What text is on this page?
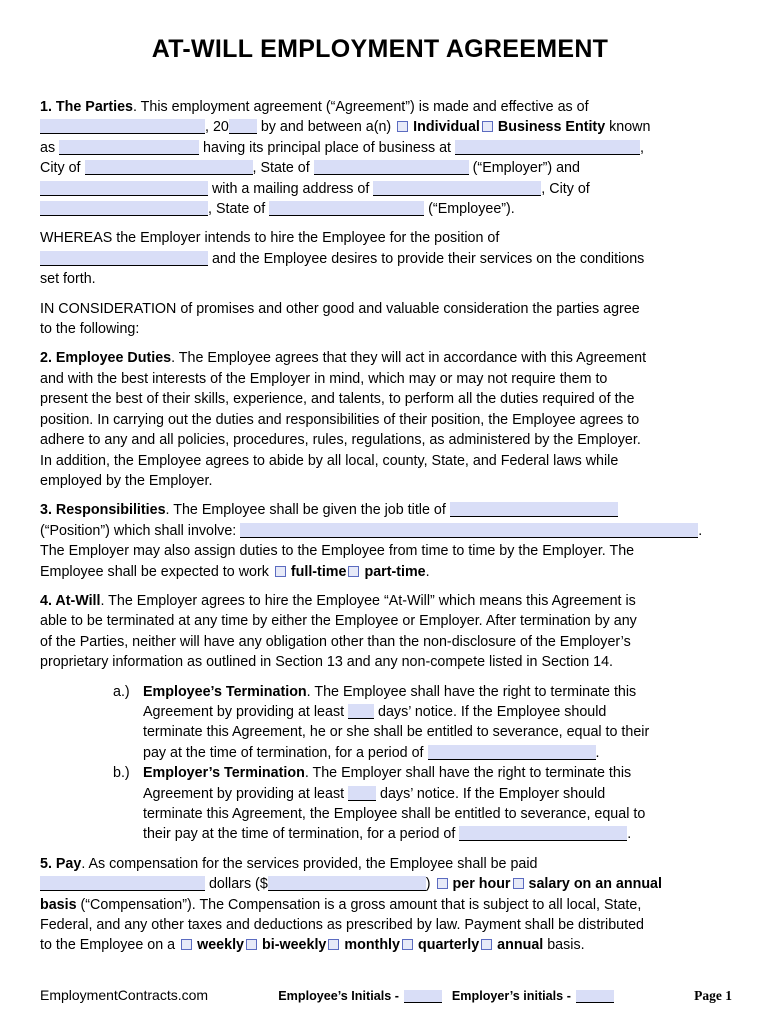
AT-WILL EMPLOYMENT AGREEMENT
1. The Parties. This employment agreement (“Agreement”) is made and effective as of
, 20 by and between a(n) Individual Business Entity known
as	having its principal place of business at	,
City of	, State of	(“Employer”) and
with a mailing address of	, City of
, State of	(“Employee”).
WHEREAS the Employer intends to hire the Employee for the position of
and the Employee desires to provide their services on the conditions
set forth.
IN CONSIDERATION of promises and other good and valuable consideration the parties agree
to the following:
2. Employee Duties. The Employee agrees that they will act in accordance with this Agreement
and with the best interests of the Employer in mind, which may or may not require them to
present the best of their skills, experience, and talents, to perform all the duties required of the
position. In carrying out the duties and responsibilities of their position, the Employee agrees to
adhere to any and all policies, procedures, rules, regulations, as administered by the Employer.
In addition, the Employee agrees to abide by all local, county, State, and Federal laws while
employed by the Employer.
3. Responsibilities. The Employee shall be given the job title of
(“Position”) which shall involve:	.
The Employer may also assign duties to the Employee from time to time by the Employer. The
Employee shall be expected to work full-time part-time.
4. At-Will. The Employer agrees to hire the Employee “At-Will” which means this Agreement is
able to be terminated at any time by either the Employee or Employer. After termination by any
of the Parties, neither will have any obligation other than the non-disclosure of the Employer’s
proprietary information as outlined in Section 13 and any non-compete listed in Section 14.
a.) Employee’s Termination. The Employee shall have the right to terminate this
Agreement by providing at least  days’ notice. If the Employee should
terminate this Agreement, he or she shall be entitled to severance, equal to their
pay at the time of termination, for a period of	.
b.) Employer’s Termination. The Employer shall have the right to terminate this
Agreement by providing at least  days’ notice. If the Employer should
terminate this Agreement, the Employee shall be entitled to severance, equal to
their pay at the time of termination, for a period of	.
5. Pay. As compensation for the services provided, the Employee shall be paid
dollars ($	) per hour salary on an annual
basis (“Compensation”). The Compensation is a gross amount that is subject to all local, State,
Federal, and any other taxes and deductions as prescribed by law. Payment shall be distributed
to the Employee on a weekly bi-weekly monthly quarterly annual basis.
EmploymentContracts.com	Employee’s Initials -	Employer’s initials -	Page 1
